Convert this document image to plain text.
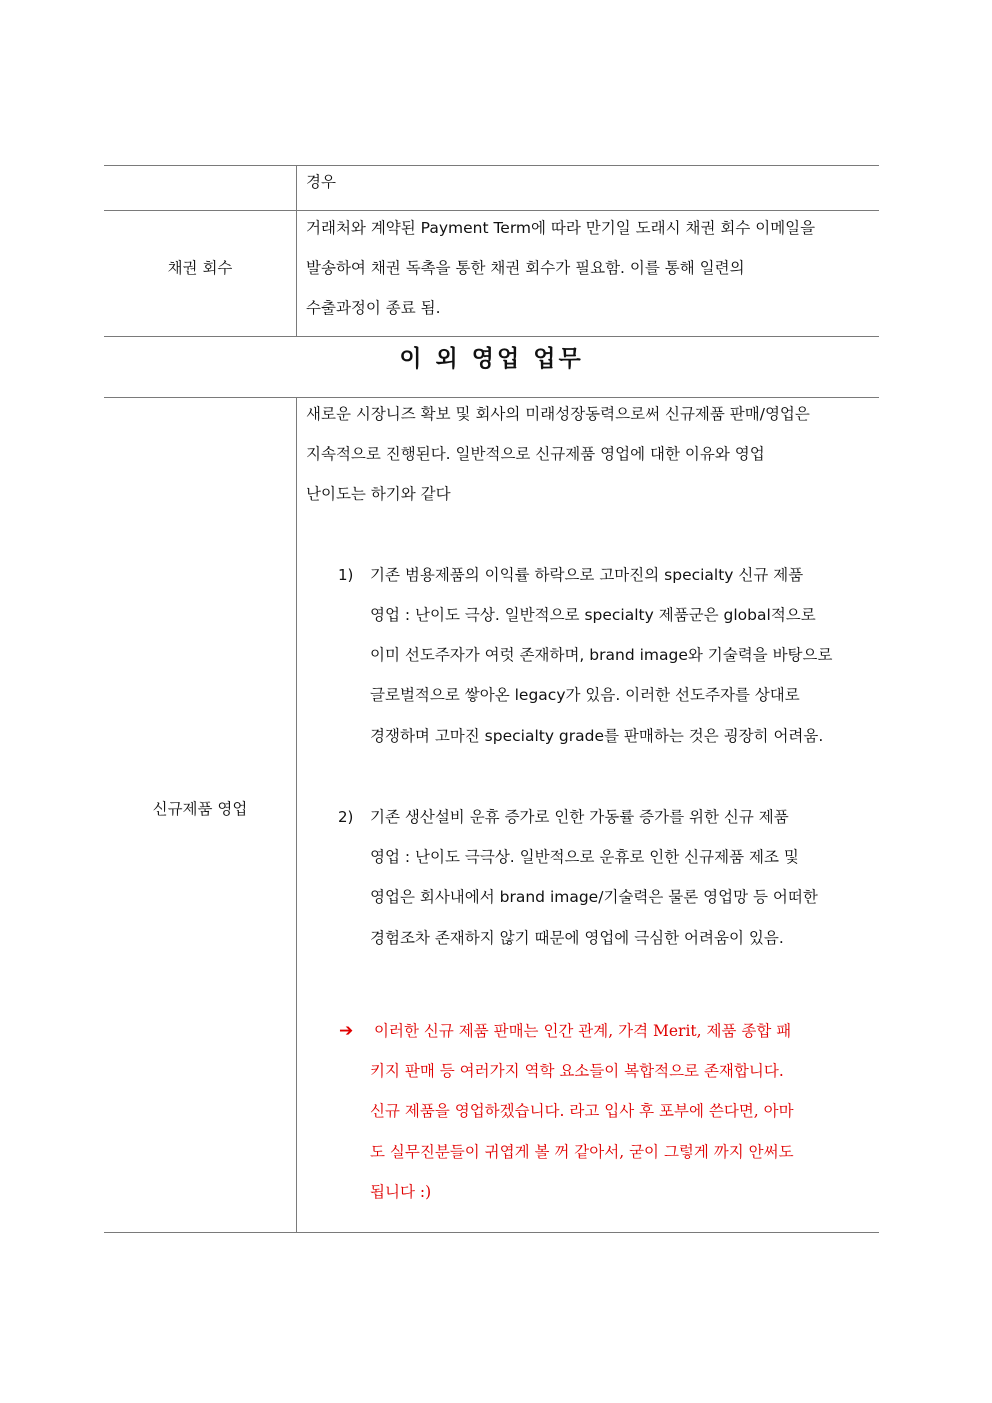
경우
채권 회수
거래처와 계약된 Payment Term에 따라 만기일 도래시 채권 회수 이메일을
발송하여 채권 독촉을 통한 채권 회수가 필요함. 이를 통해 일련의
수출과정이 종료 됨.
이 외 영업 업무
신규제품 영업
새로운 시장니즈 확보 및 회사의 미래성장동력으로써 신규제품 판매/영업은
지속적으로 진행된다. 일반적으로 신규제품 영업에 대한 이유와 영업
난이도는 하기와 같다
1) 기존 범용제품의 이익률 하락으로 고마진의 specialty 신규 제품
영업 : 난이도 극상. 일반적으로 specialty 제품군은 global적으로
이미 선도주자가 여럿 존재하며, brand image와 기술력을 바탕으로
글로벌적으로 쌓아온 legacy가 있음. 이러한 선도주자를 상대로
경쟁하며 고마진 specialty grade를 판매하는 것은 굉장히 어려움.
2) 기존 생산설비 운휴 증가로 인한 가동률 증가를 위한 신규 제품
영업 : 난이도 극극상. 일반적으로 운휴로 인한 신규제품 제조 및
영업은 회사내에서 brand image/기술력은 물론 영업망 등 어떠한
경험조차 존재하지 않기 때문에 영업에 극심한 어려움이 있음.
➔ 이러한 신규 제품 판매는 인간 관계, 가격 Merit, 제품 종합 패
키지 판매 등 여러가지 역학 요소들이 복합적으로 존재합니다.
신규 제품을 영업하겠습니다. 라고 입사 후 포부에 쓴다면, 아마
도 실무진분들이 귀엽게 볼 꺼 같아서, 굳이 그렇게 까지 안써도
됩니다 :)
